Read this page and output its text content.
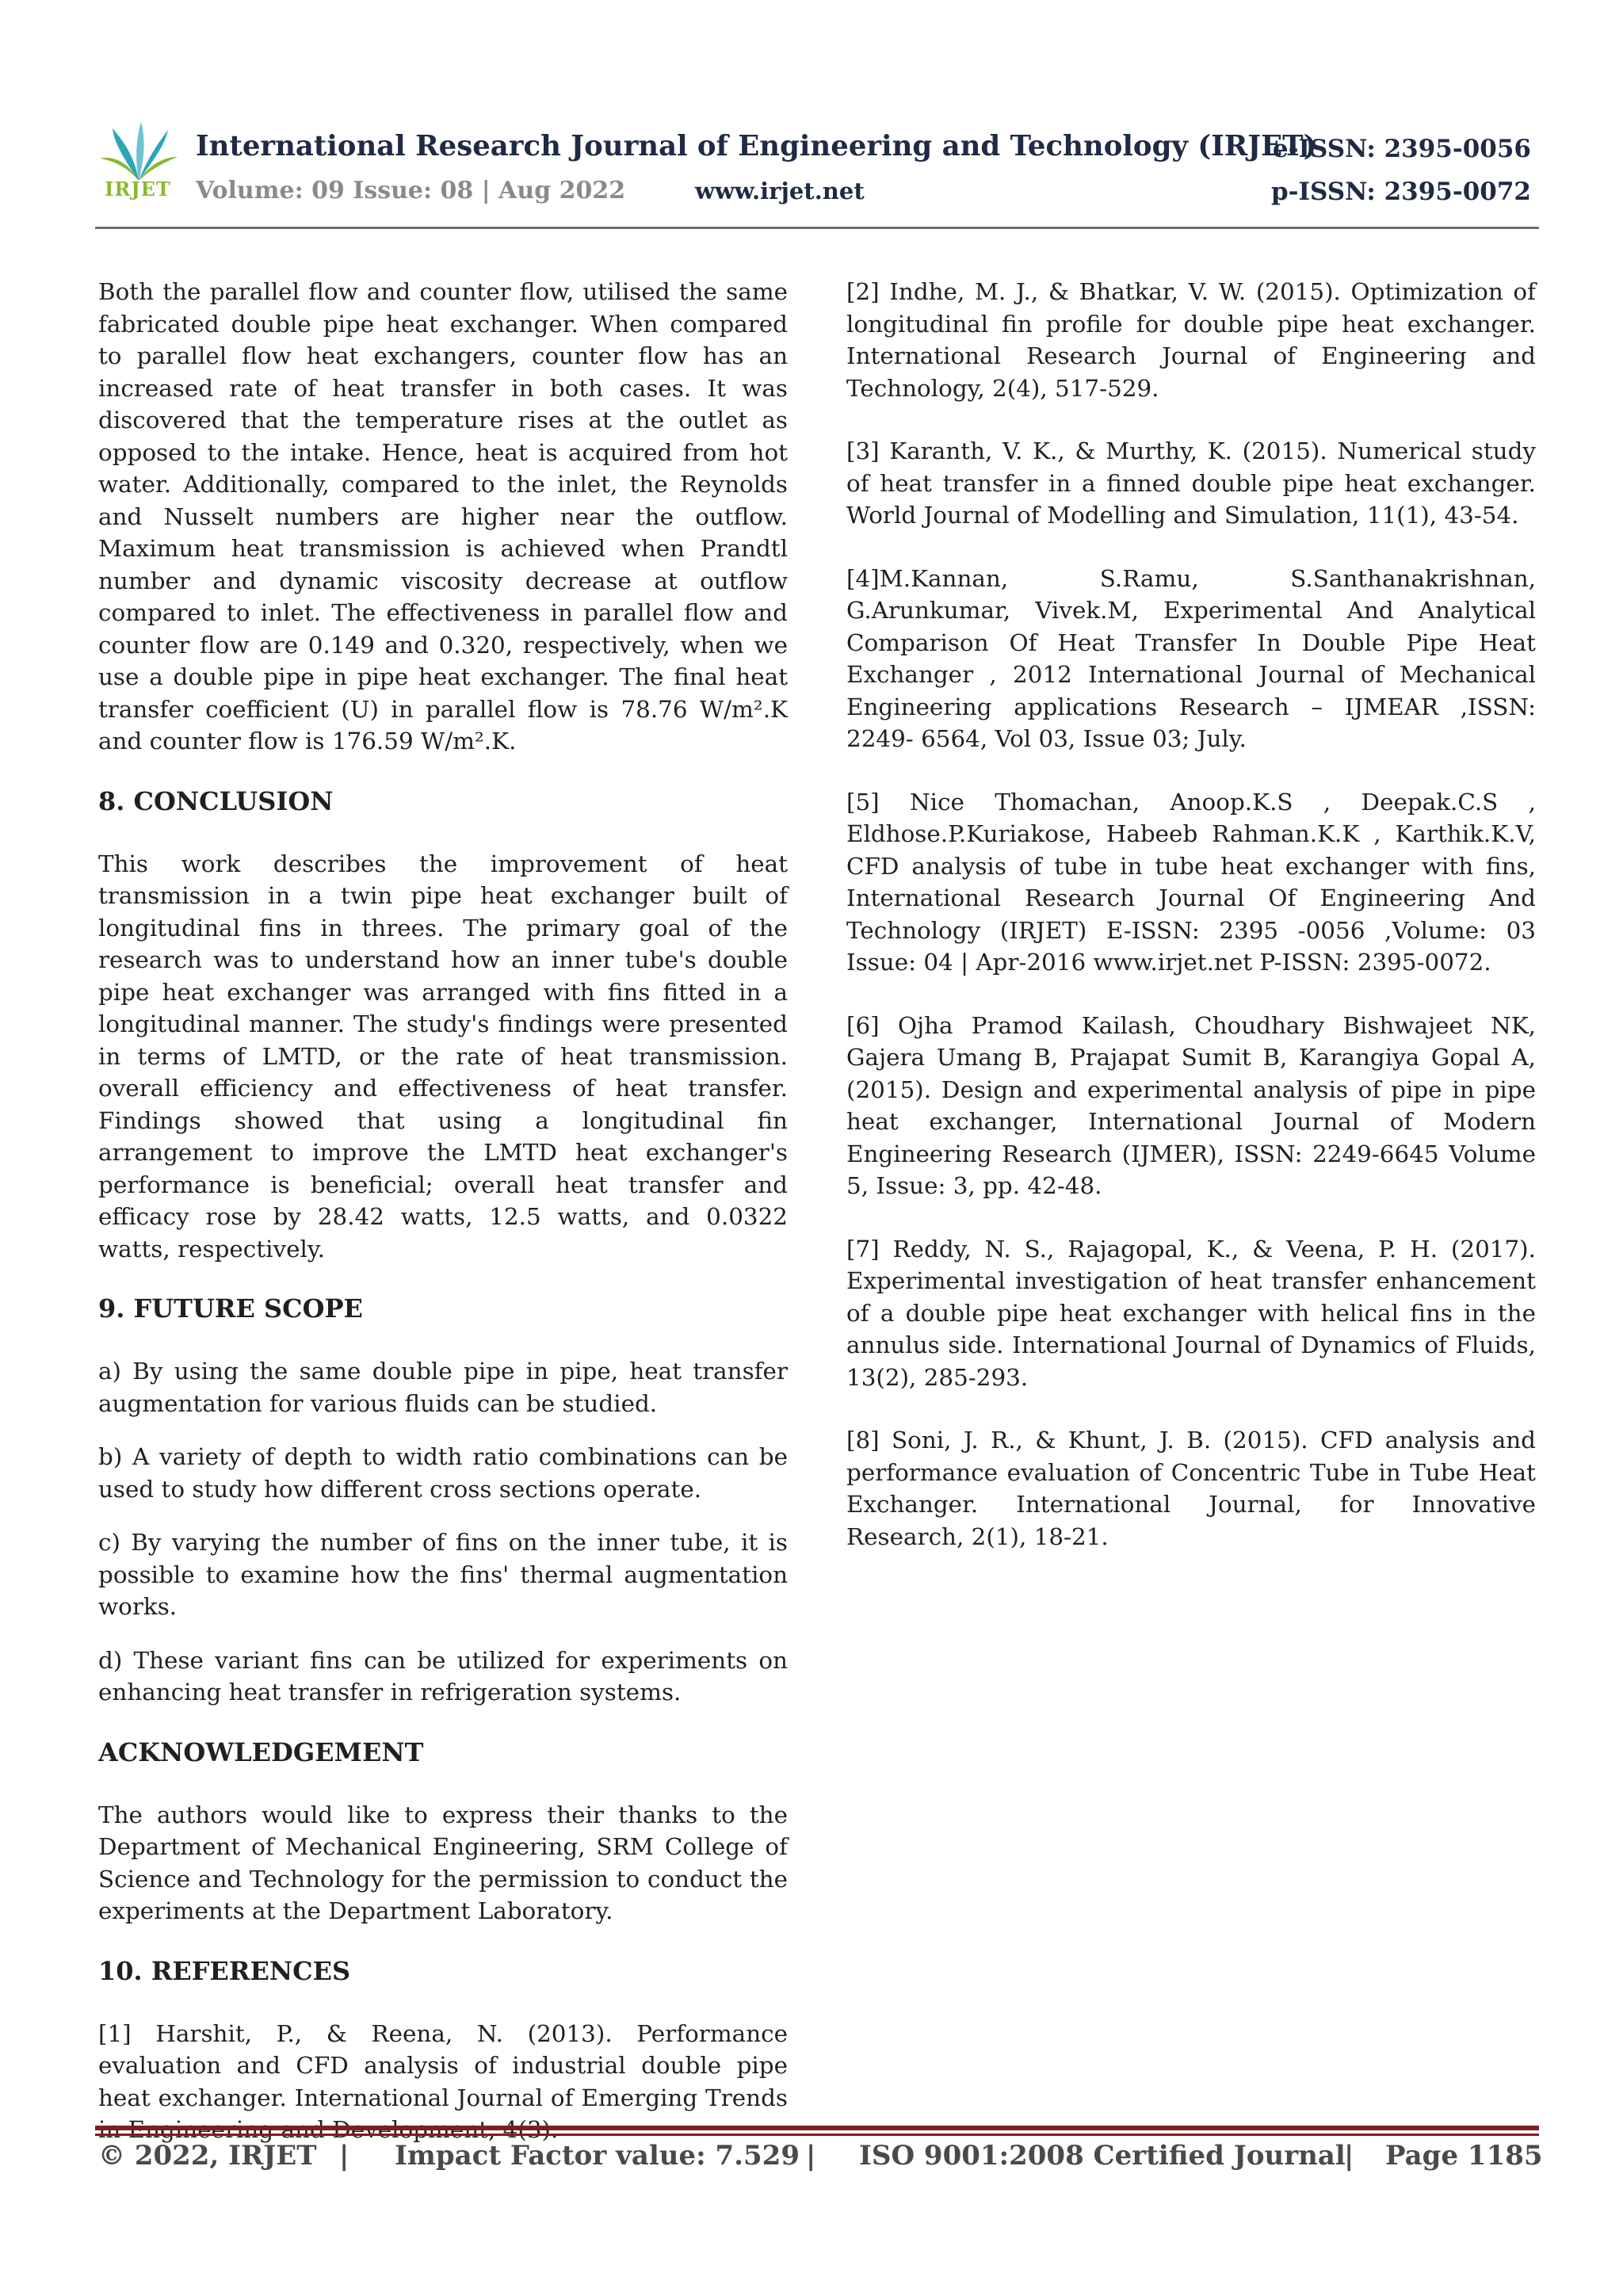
IRJET
International Research Journal of Engineering and Technology (IRJET)
e-ISSN: 2395-0056
Volume: 09 Issue: 08 | Aug 2022	www.irjet.net	p-ISSN: 2395-0072

Both the parallel flow and counter flow, utilised the same fabricated double pipe heat exchanger. When compared to parallel flow heat exchangers, counter flow has an increased rate of heat transfer in both cases. It was discovered that the temperature rises at the outlet as opposed to the intake. Hence, heat is acquired from hot water. Additionally, compared to the inlet, the Reynolds and Nusselt numbers are higher near the outflow. Maximum heat transmission is achieved when Prandtl number and dynamic viscosity decrease at outflow compared to inlet. The effectiveness in parallel flow and counter flow are 0.149 and 0.320, respectively, when we use a double pipe in pipe heat exchanger. The final heat transfer coefficient (U) in parallel flow is 78.76 W/m².K and counter flow is 176.59 W/m².K.

8. CONCLUSION

This work describes the improvement of heat transmission in a twin pipe heat exchanger built of longitudinal fins in threes. The primary goal of the research was to understand how an inner tube's double pipe heat exchanger was arranged with fins fitted in a longitudinal manner. The study's findings were presented in terms of LMTD, or the rate of heat transmission. overall efficiency and effectiveness of heat transfer. Findings showed that using a longitudinal fin arrangement to improve the LMTD heat exchanger's performance is beneficial; overall heat transfer and efficacy rose by 28.42 watts, 12.5 watts, and 0.0322 watts, respectively.

9. FUTURE SCOPE

a) By using the same double pipe in pipe, heat transfer augmentation for various fluids can be studied.

b) A variety of depth to width ratio combinations can be used to study how different cross sections operate.

c) By varying the number of fins on the inner tube, it is possible to examine how the fins' thermal augmentation works.

d) These variant fins can be utilized for experiments on enhancing heat transfer in refrigeration systems.

ACKNOWLEDGEMENT

The authors would like to express their thanks to the Department of Mechanical Engineering, SRM College of Science and Technology for the permission to conduct the experiments at the Department Laboratory.

10. REFERENCES

[1] Harshit, P., & Reena, N. (2013). Performance evaluation and CFD analysis of industrial double pipe heat exchanger. International Journal of Emerging Trends

[2] Indhe, M. J., & Bhatkar, V. W. (2015). Optimization of longitudinal fin profile for double pipe heat exchanger. International Research Journal of Engineering and Technology, 2(4), 517-529.

[3] Karanth, V. K., & Murthy, K. (2015). Numerical study of heat transfer in a finned double pipe heat exchanger. World Journal of Modelling and Simulation, 11(1), 43-54.

[4]M.Kannan, S.Ramu, S.Santhanakrishnan, G.Arunkumar, Vivek.M, Experimental And Analytical Comparison Of Heat Transfer In Double Pipe Heat Exchanger , 2012 International Journal of Mechanical Engineering applications Research – IJMEAR ,ISSN: 2249- 6564, Vol 03, Issue 03; July.

[5] Nice Thomachan, Anoop.K.S , Deepak.C.S , Eldhose.P.Kuriakose, Habeeb Rahman.K.K , Karthik.K.V, CFD analysis of tube in tube heat exchanger with fins, International Research Journal Of Engineering And Technology (IRJET) E-ISSN: 2395 -0056 ,Volume: 03 Issue: 04 | Apr-2016 www.irjet.net P-ISSN: 2395-0072.

[6] Ojha Pramod Kailash, Choudhary Bishwajeet NK, Gajera Umang B, Prajapat Sumit B, Karangiya Gopal A, (2015). Design and experimental analysis of pipe in pipe heat exchanger, International Journal of Modern Engineering Research (IJMER), ISSN: 2249-6645 Volume 5, Issue: 3, pp. 42-48.

[7] Reddy, N. S., Rajagopal, K., & Veena, P. H. (2017). Experimental investigation of heat transfer enhancement of a double pipe heat exchanger with helical fins in the annulus side. International Journal of Dynamics of Fluids, 13(2), 285-293.

[8] Soni, J. R., & Khunt, J. B. (2015). CFD analysis and performance evaluation of Concentric Tube in Tube Heat Exchanger. International Journal, for Innovative Research, 2(1), 18-21.

© 2022, IRJET | Impact Factor value: 7.529 | ISO 9001:2008 Certified Journal
| Page 1185
